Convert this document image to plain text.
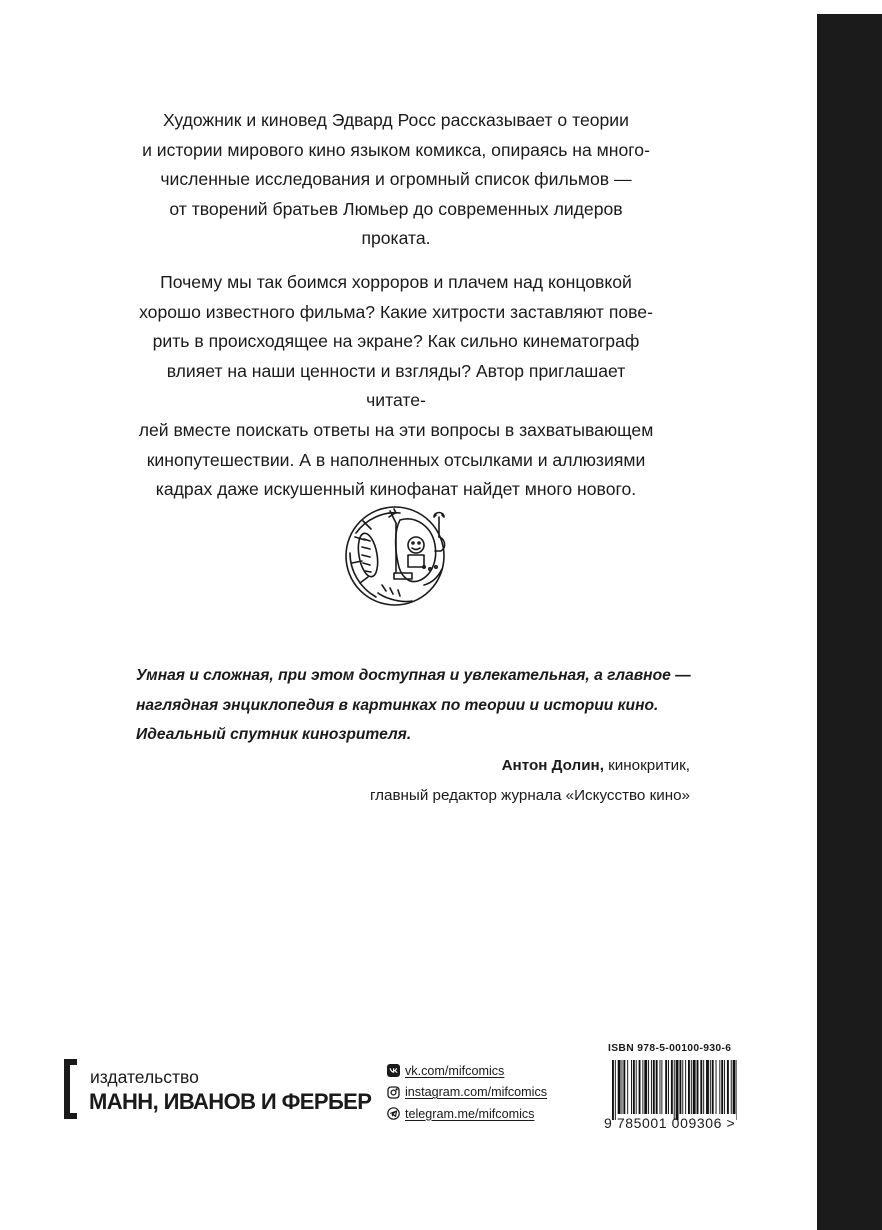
Художник и киновед Эдвард Росс рассказывает о теории
и истории мирового кино языком комикса, опираясь на много-
численные исследования и огромный список фильмов —
от творений братьев Люмьер до современных лидеров проката.

Почему мы так боимся хорроров и плачем над концовкой
хорошо известного фильма? Какие хитрости заставляют пове-
рить в происходящее на экране? Как сильно кинематограф
влияет на наши ценности и взгляды? Автор приглашает читате-
лей вместе поискать ответы на эти вопросы в захватывающем
кинопутешествии. А в наполненных отсылками и аллюзиями
кадрах даже искушенный кинофанат найдет много нового.

Умная и сложная, при этом доступная и увлекательная, а главное —
наглядная энциклопедия в картинках по теории и истории кино.
Идеальный спутник кинозрителя.
Антон Долин, кинокритик,
главный редактор журнала «Искусство кино»
издательство
МАНН, ИВАНОВ И ФЕРБЕР
vk.com/mifcomics
instagram.com/mifcomics
telegram.me/mifcomics
ISBN 978-5-00100-930-6
9 785001 009306 >
